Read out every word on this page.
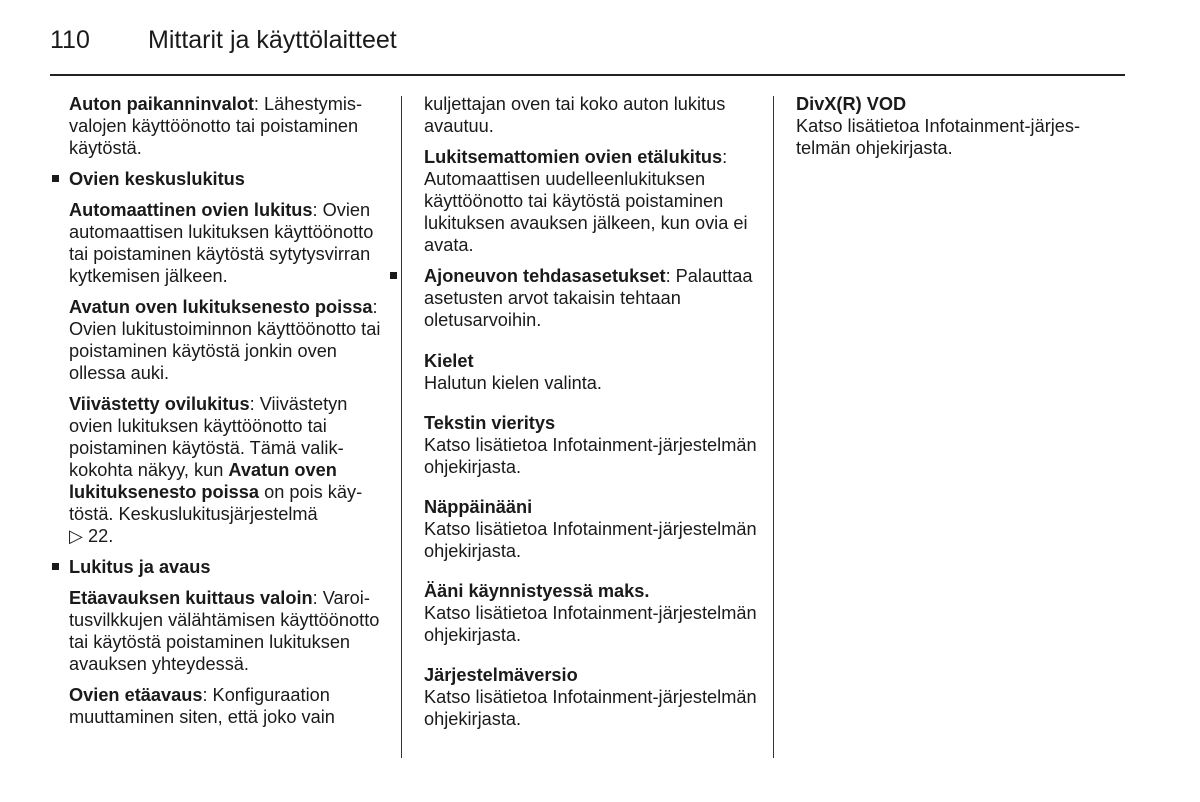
110 Mittarit ja käyttölaitteet

Auton paikanninvalot: Lähestymisvalojen käyttöönotto tai poistaminen käytöstä.

Ovien keskuslukitus

Automaattinen ovien lukitus: Ovien automaattisen lukituksen käyttöönotto tai poistaminen käytöstä sytytysvirran kytkemisen jälkeen.

Avatun oven lukituksenesto poissa: Ovien lukitustoiminnon käyttöönotto tai poistaminen käytöstä jonkin oven ollessa auki.

Viivästetty ovilukitus: Viivästetyn ovien lukituksen käyttöönotto tai poistaminen käytöstä. Tämä valikkokohta näkyy, kun Avatun oven lukituksenesto poissa on pois käytöstä. Keskuslukitusjärjestelmä
▷ 22.

Lukitus ja avaus

Etäavauksen kuittaus valoin: Varoitusvilkkujen välähtämisen käyttöönotto tai käytöstä poistaminen lukituksen avauksen yhteydessä.

Ovien etäavaus: Konfiguraation muuttaminen siten, että joko vain

kuljettajan oven tai koko auton lukitus avautuu.

Lukitsemattomien ovien etälukitus: Automaattisen uudelleenlukituksen käyttöönotto tai käytöstä poistaminen lukituksen avauksen jälkeen, kun ovia ei avata.

Ajoneuvon tehdasasetukset: Palauttaa asetusten arvot takaisin tehtaan oletusarvoihin.

Kielet
Halutun kielen valinta.
Tekstin vieritys
Katso lisätietoa Infotainment-järjestelmän ohjekirjasta.
Näppäinääni
Katso lisätietoa Infotainment-järjestelmän ohjekirjasta.
Ääni käynnistyessä maks.
Katso lisätietoa Infotainment-järjestelmän ohjekirjasta.
Järjestelmäversio
Katso lisätietoa Infotainment-järjestelmän ohjekirjasta.
DivX(R) VOD
Katso lisätietoa Infotainment-järjestelmän ohjekirjasta.
